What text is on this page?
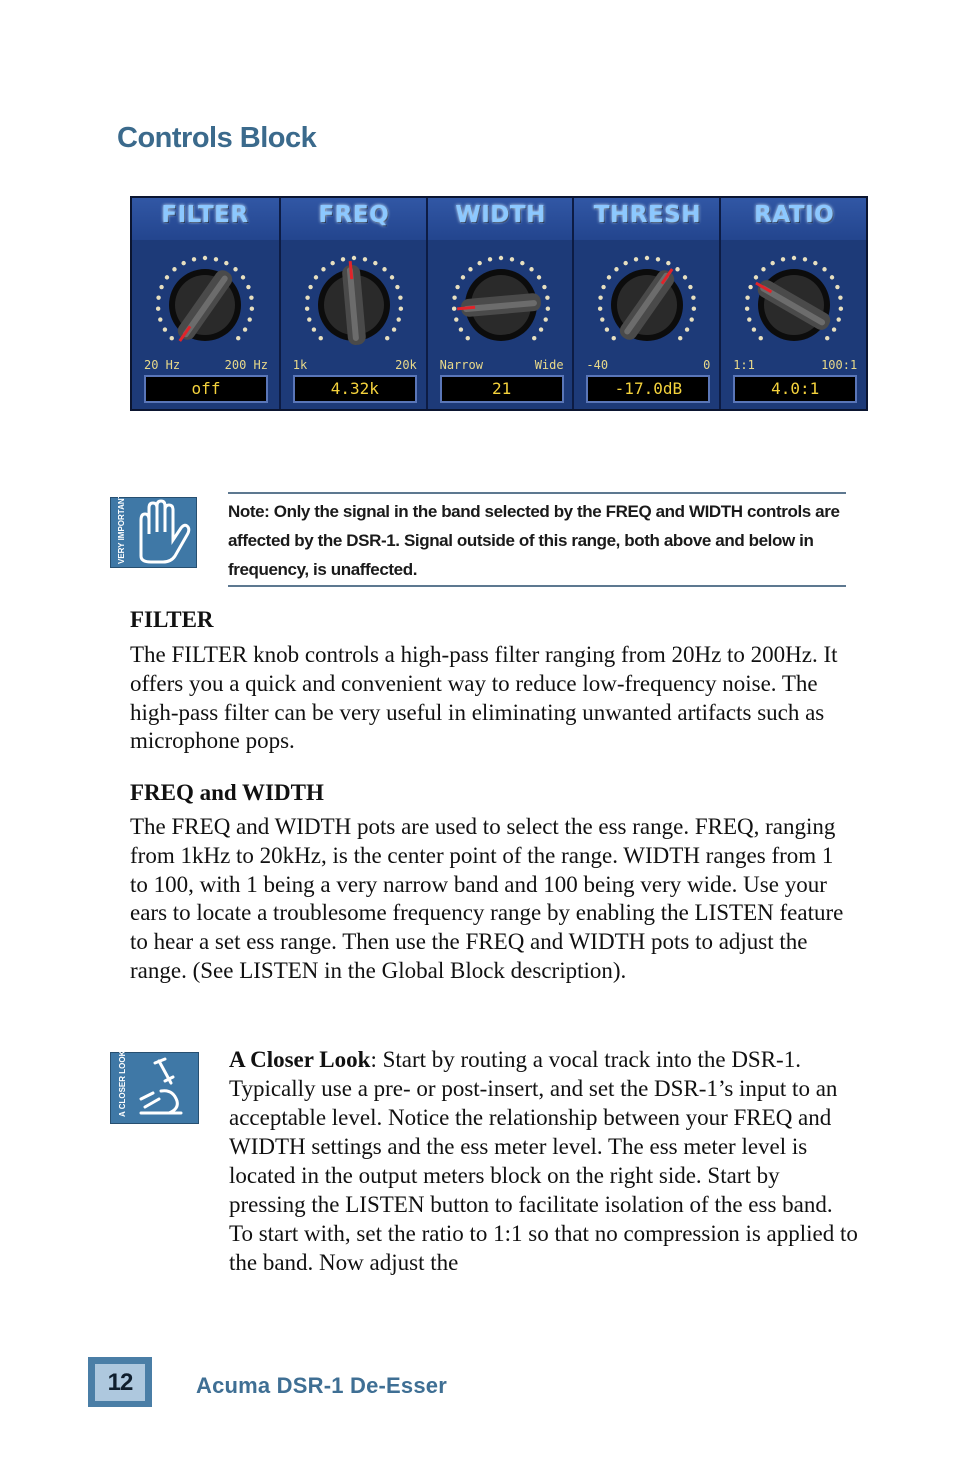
Controls Block
FILTER
20 Hz	200 Hz
off
FREQ
1k	20k
4.32k
WIDTH
Narrow	Wide
21
THRESH
-40	0
-17.0dB
RATIO
1:1	100:1
4.0:1
VERY IMPORTANT	Note: Only the signal in the band selected by the FREQ and WIDTH controls are affected by the DSR-1. Signal outside of this range, both above and below in frequency, is unaffected.
FILTER
The FILTER knob controls a high-pass filter ranging from 20Hz to 200Hz. It offers you a quick and convenient way to reduce low-frequency noise. The high-pass filter can be very useful in eliminating unwanted artifacts such as microphone pops.
FREQ and WIDTH
The FREQ and WIDTH pots are used to select the ess range. FREQ, ranging from 1kHz to 20kHz, is the center point of the range. WIDTH ranges from 1 to 100, with 1 being a very narrow band and 100 being very wide. Use your ears to locate a troublesome frequency range by enabling the LISTEN feature to hear a set ess range. Then use the FREQ and WIDTH pots to adjust the range. (See LISTEN in the Global Block description).
A CLOSER LOOK	A Closer Look: Start by routing a vocal track into the DSR-1. Typically use a pre- or post-insert, and set the DSR-1’s input to an acceptable level. Notice the relationship between your FREQ and WIDTH settings and the ess meter level. The ess meter level is located in the output meters block on the right side. Start by pressing the LISTEN button to facilitate isolation of the ess band. To start with, set the ratio to 1:1 so that no compression is applied to the band. Now adjust the
12	Acuma DSR-1 De-Esser
